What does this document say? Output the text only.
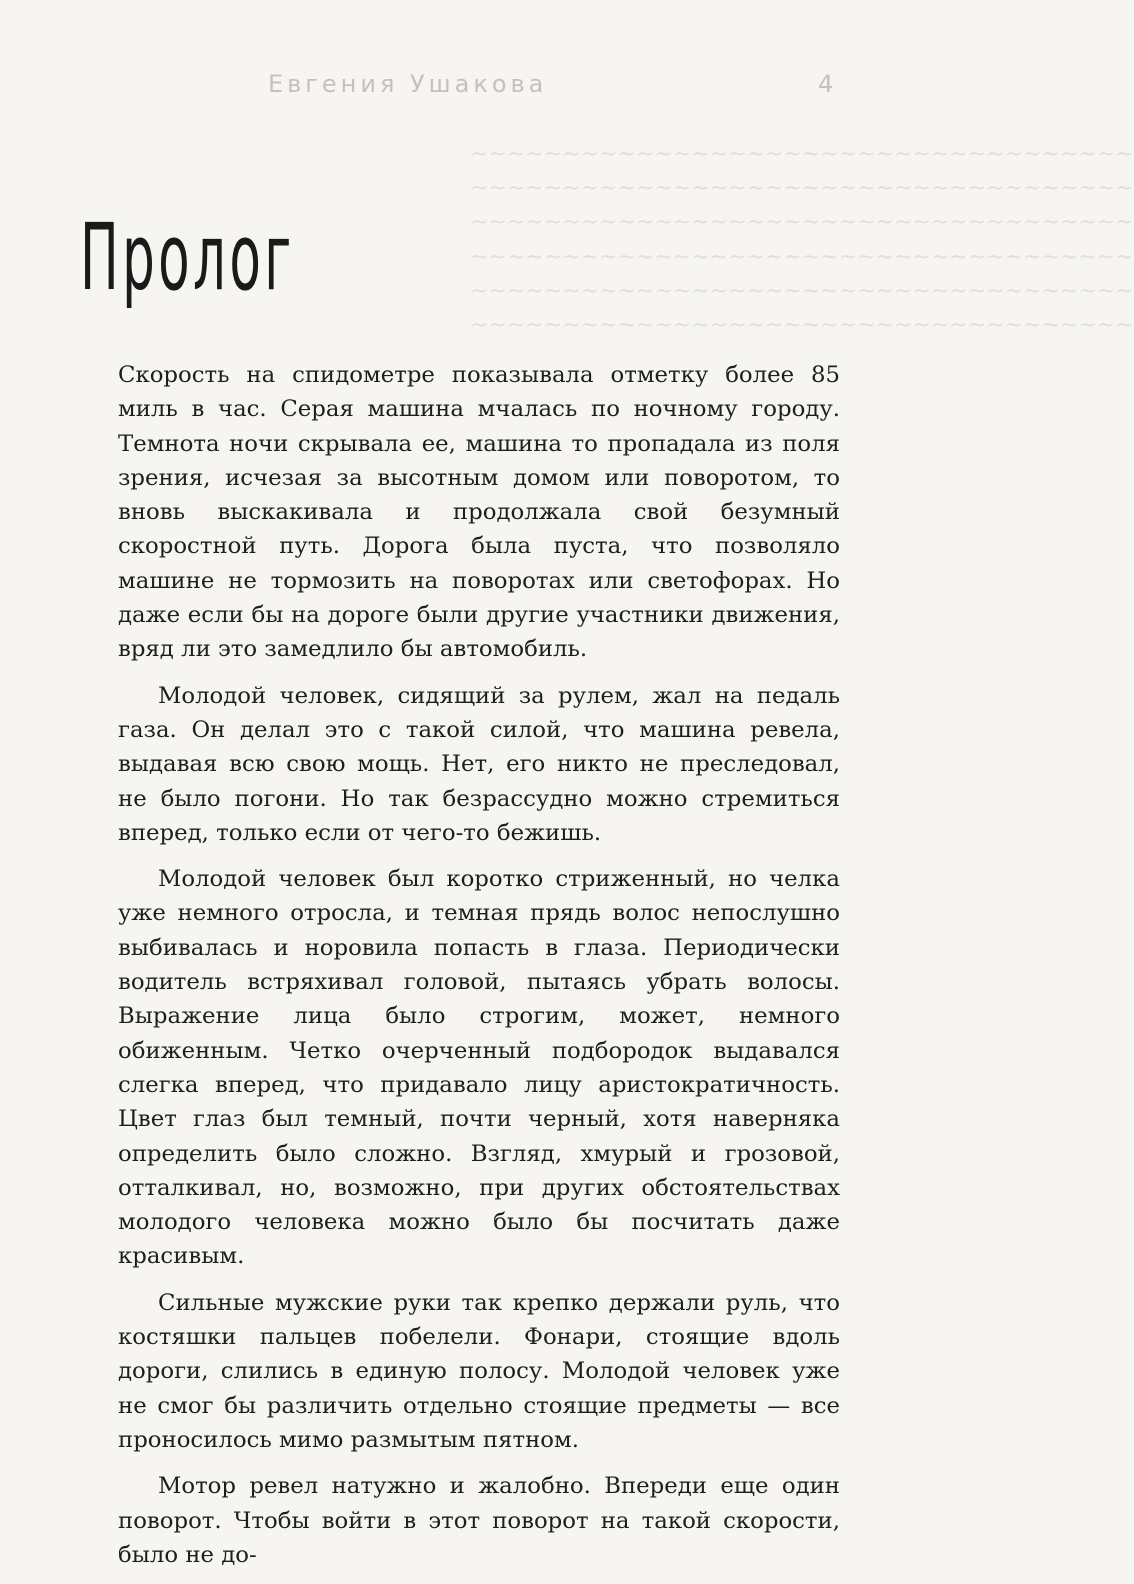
Евгения Ушакова	4
~~~~~~~~~~~~~~~~~~~~~~~~~~~~~~~~~~~~
~~~~~~~~~~~~~~~~~~~~~~~~~~~~~~~~~~~~
~~~~~~~~~~~~~~~~~~~~~~~~~~~~~~~~~~~~
~~~~~~~~~~~~~~~~~~~~~~~~~~~~~~~~~~~~
~~~~~~~~~~~~~~~~~~~~~~~~~~~~~~~~~~~~
~~~~~~~~~~~~~~~~~~~~~~~~~~~~~~~~~~~~
Пролог

Скорость на спидометре показывала отметку более 85 миль в час. Серая машина мчалась по ночному городу. Темнота ночи скрывала ее, машина то пропадала из поля зрения, исчезая за высотным домом или поворотом, то вновь выскакивала и продолжала свой безумный скоростной путь. Дорога была пуста, что позволяло машине не тормозить на поворотах или светофорах. Но даже если бы на дороге были другие участники движения, вряд ли это замедлило бы автомобиль.

Молодой человек, сидящий за рулем, жал на педаль газа. Он делал это с такой силой, что машина ревела, выдавая всю свою мощь. Нет, его никто не преследовал, не было погони. Но так безрассудно можно стремиться вперед, только если от чего-то бежишь.

Молодой человек был коротко стриженный, но челка уже немного отросла, и темная прядь волос непослушно выбивалась и норовила попасть в глаза. Периодически водитель встряхивал головой, пытаясь убрать волосы. Выражение лица было строгим, может, немного обиженным. Четко очерченный подбородок выдавался слегка вперед, что придавало лицу аристократичность. Цвет глаз был темный, почти черный, хотя наверняка определить было сложно. Взгляд, хмурый и грозовой, отталкивал, но, возможно, при других обстоятельствах молодого человека можно было бы посчитать даже красивым.

Сильные мужские руки так крепко держали руль, что костяшки пальцев побелели. Фонари, стоящие вдоль дороги, слились в единую полосу. Молодой человек уже не смог бы различить отдельно стоящие предметы — все проносилось мимо размытым пятном.

Мотор ревел натужно и жалобно. Впереди еще один поворот. Чтобы войти в этот поворот на такой скорости, было не до-
